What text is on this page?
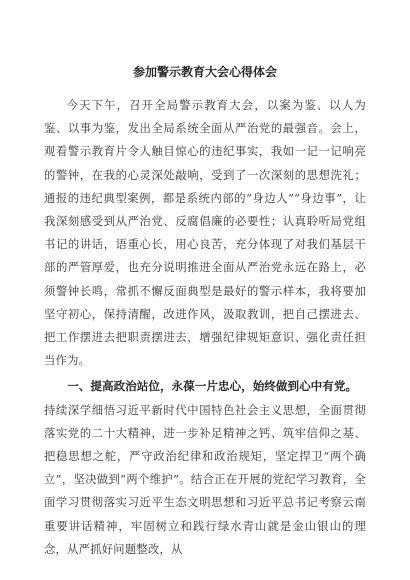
参加警示教育大会心得体会

今天下午，召开全局警示教育大会，以案为鉴、以人为鉴、以事为鉴，发出全局系统全面从严治党的最强音。会上，观看警示教育片令人触目惊心的违纪事实，我如一记一记响亮的警钟，在我的心灵深处敲响，受到了一次深刻的思想洗礼；通报的违纪典型案例，都是系统内部的“身边人”“身边事”，让我深刻感受到从严治党、反腐倡廉的必要性；认真聆听局党组书记的讲话，语重心长，用心良苦，充分体现了对我们基层干部的严管厚爱，也充分说明推进全面从严治党永远在路上，必须警钟长鸣，常抓不懈反面典型是最好的警示样本，我将要加坚守初心，保持清醒，改进作风，汲取教训，把自己摆进去、把工作摆进去把职责摆进去，增强纪律规矩意识、强化责任担当作为。

一、提高政治站位，永葆一片忠心，始终做到心中有党。

持续深学细悟习近平新时代中国特色社会主义思想，全面贯彻落实党的二十大精神，进一步补足精神之钙、筑牢信仰之基、把稳思想之舵，严守政治纪律和政治规矩，坚定捍卫“两个确立”，坚决做到“两个维护”。结合正在开展的党纪学习教育，全面学习贯彻落实习近平生态文明思想和习近平总书记考察云南重要讲话精神，牢固树立和践行绿水青山就是金山银山的理念，从严抓好问题整改，从
